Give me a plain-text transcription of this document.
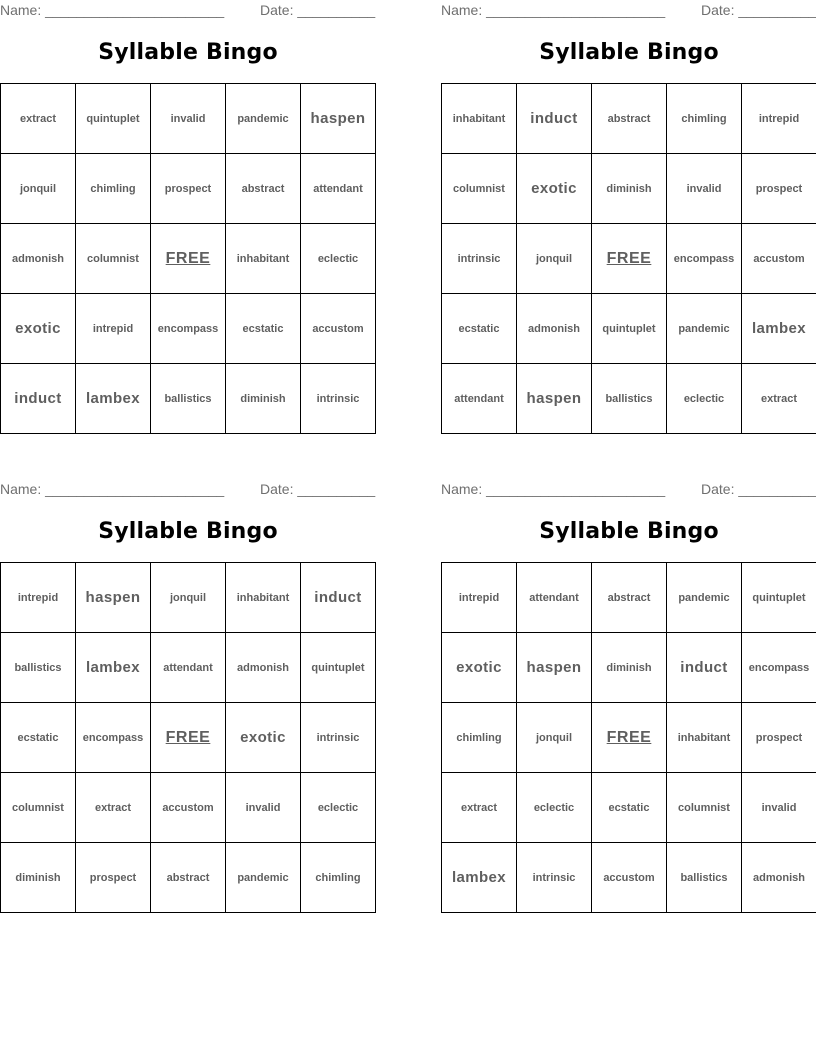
Name: _______________________	Date: __________
Syllable Bingo
extract	quintuplet	invalid	pandemic	haspen
jonquil	chimling	prospect	abstract	attendant
admonish	columnist	FREE	inhabitant	eclectic
exotic	intrepid	encompass	ecstatic	accustom
induct	lambex	ballistics	diminish	intrinsic
Name: _______________________	Date: __________
Syllable Bingo
inhabitant	induct	abstract	chimling	intrepid
columnist	exotic	diminish	invalid	prospect
intrinsic	jonquil	FREE	encompass	accustom
ecstatic	admonish	quintuplet	pandemic	lambex
attendant	haspen	ballistics	eclectic	extract
Name: _______________________	Date: __________
Syllable Bingo
intrepid	haspen	jonquil	inhabitant	induct
ballistics	lambex	attendant	admonish	quintuplet
ecstatic	encompass	FREE	exotic	intrinsic
columnist	extract	accustom	invalid	eclectic
diminish	prospect	abstract	pandemic	chimling
Name: _______________________	Date: __________
Syllable Bingo
intrepid	attendant	abstract	pandemic	quintuplet
exotic	haspen	diminish	induct	encompass
chimling	jonquil	FREE	inhabitant	prospect
extract	eclectic	ecstatic	columnist	invalid
lambex	intrinsic	accustom	ballistics	admonish
